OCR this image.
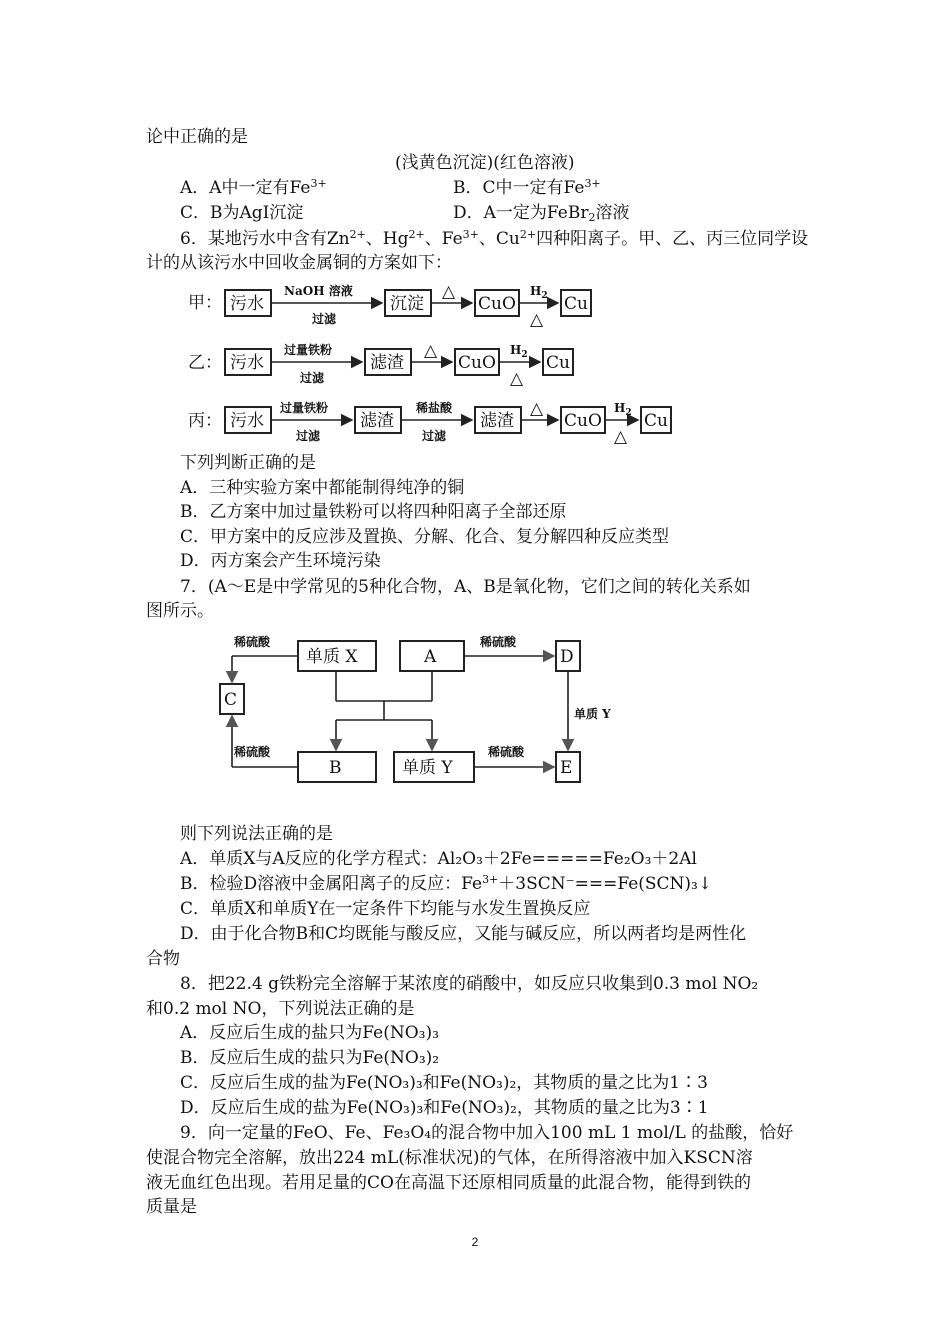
论中正确的是
(浅黄色沉淀)(红色溶液)
A．A中一定有$Fe^{3+}$	B．C中一定有$Fe^{3+}$
C．B为AgI沉淀	D．A一定为FeBr$_2$溶液
6．某地污水中含有$Zn^{2+}$、$Hg^{2+}$、$Fe^{3+}$、$Cu^{2+}$四种阳离子。甲、乙、丙三位同学设
计的从该污水中回收金属铜的方案如下：
甲： 污水
NaOH 溶液
过滤
沉淀
△
CuO
$H_2$
△
Cu
乙： 污水
过量铁粉
过滤
滤渣
△
CuO
$H_2$
△
Cu
丙： 污水
过量铁粉
过滤
滤渣
稀盐酸
过滤
滤渣
△
CuO
$H_2$
△
Cu
下列判断正确的是
A．三种实验方案中都能制得纯净的铜
B．乙方案中加过量铁粉可以将四种阳离子全部还原
C．甲方案中的反应涉及置换、分解、化合、复分解四种反应类型
D．丙方案会产生环境污染
7．(A～E是中学常见的5种化合物，A、B是氧化物，它们之间的转化关系如
图所示。
单质 X	A	D
C
B	单质 Y	E
稀硫酸
稀硫酸
稀硫酸
单质 Y
稀硫酸
则下列说法正确的是
A．单质X与A反应的化学方程式：Al₂O₃＋2Fe=====Fe₂O₃＋2Al
B．检验D溶液中金属阳离子的反应：$Fe^{3+}+3SCN^-===Fe(SCN)_3↓$
C．单质X和单质Y在一定条件下均能与水发生置换反应
D．由于化合物B和C均既能与酸反应，又能与碱反应，所以两者均是两性化
合物
8．把22.4 g铁粉完全溶解于某浓度的硝酸中，如反应只收集到0.3 mol NO₂
和0.2 mol NO，下列说法正确的是
A．反应后生成的盐只为Fe(NO₃)₃
B．反应后生成的盐只为Fe(NO₃)₂
C．反应后生成的盐为Fe(NO₃)₃和Fe(NO₃)₂，其物质的量之比为1∶3
D．反应后生成的盐为Fe(NO₃)₃和Fe(NO₃)₂，其物质的量之比为3∶1
9．向一定量的FeO、Fe、Fe₃O₄的混合物中加入100 mL 1 mol/L 的盐酸，恰好
使混合物完全溶解，放出224 mL(标准状况)的气体，在所得溶液中加入KSCN溶
液无血红色出现。若用足量的CO在高温下还原相同质量的此混合物，能得到铁的
质量是
2
